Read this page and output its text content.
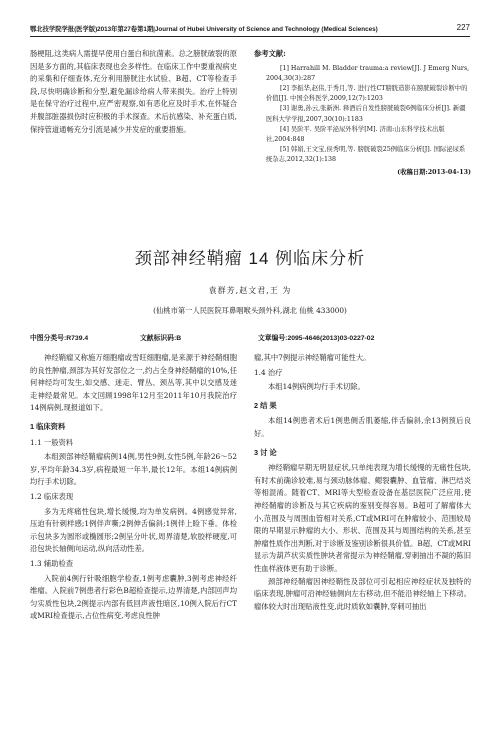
鄂北技学院学报(医学版)2013年第27卷第1期|Journal of Hubei University of Science and Technology (Medical Sciences)	227

肠梗阻,这类病人需提早使用白蛋白和抗菌素。总之膀胱破裂的原因是多方面的,其临床表现也会多样性。在临床工作中要重视病史的采集和仔细查体,充分利用膀胱注水试验、B超、CT等检查手段,尽快明确诊断和分型,避免漏诊给病人带来损失。治疗上特别是在保守治疗过程中,应严密观察,如有恶化应及时手术,在怀疑合并腹部脏器损伤时应积极的手术探查。术后抗感染、补充蛋白质,保持管道通畅充分引流是减少并发症的重要措施。

参考文献:

[1] Harrahill M. Bladder trauma:a review[J]. J Emerg Nurs, 2004,30(3):287

[2] 李振华,赵伟,于秀月,等. 进行性CT膀胱造影在膀胱破裂诊断中的价值[J]. 中国全科医学,2009,12(7):1203

[3] 谢勇,孙云,张新洲. 释酒后自发性膀胱破裂6例临床分析[J]. 新疆医科大学学报,2007,30(10):1183

[4] 吴阶平. 吴阶平泌尿外科学[M]. 济南:山东科学技术出版社,2004:848

[5] 韩娟,王文宝,侯秀明,等. 膀胱破裂25例临床分析[J]. 国际泌尿系统杂志,2012,32(1):138

(收稿日期:2013-04-13)
颈部神经鞘瘤 14 例临床分析
袁群芳,赵文君,王 为
(仙桃市第一人民医院耳鼻咽喉头颈外科,湖北 仙桃 433000)
中图分类号:R739.4	文献标识码:B	文章编号:2095-4646(2013)03-0227-02

神经鞘瘤又称施万细胞瘤或雪旺细胞瘤,是来源于神经鞘细胞的良性肿瘤,颈部为其好发部位之一,约占全身神经鞘瘤的10%,任何神经均可发生,如交感、迷走、臂丛、颈丛等,其中以交感及迷走神经最常见。本文回顾1998年12月至2011年10月我院治疗14例病例,现报道如下。

1 临床资料
1.1 一般资料

本组颈部神经鞘瘤病例14例,男性9例,女性5例,年龄26～52岁,平均年龄34.3岁,病程最短一年半,最长12年。本组14例病例均行手术切除。

1.2 临床表现

多为无疼痛性包块,增长缓慢,均为单发病例。4例感觉异常,压迫有针刺样感;1例伴声嘶;2例伸舌偏斜;1例伴上睑下垂。体检示包块多为圆形或椭圆形;2例呈分叶状,周界清楚,软胶样硬度,可沿包块长轴侧向运动,纵向活动性差。

1.3 辅助检查

入院前4例行针吸细胞学检查,1例考虑囊肿,3例考虑神经纤维瘤。入院前7例患者行彩色B超检查提示,边界清楚,内部回声均匀实质性包块,2例提示内部有低回声液性暗区,10例入院后行CT或MRI检查提示,占位性病变,考虑良性肿

瘤,其中7例提示神经鞘瘤可能性大。

1.4 治疗

本组14例病例均行手术切除。

2 结 果

本组14例患者术后1例患侧舌肌萎缩,伴舌偏斜,余13例预后良好。

3 讨 论

神经鞘瘤早期无明显症状,只单纯表现为增长缓慢的无痛性包块,有时术前确诊较难,易与颈动脉体瘤、鳃裂囊肿、血管瘤、淋巴结炎等相混淆。随着CT、MRI等大型检查设备在基层医院广泛应用,使神经鞘瘤的诊断及与其它疾病的鉴别变得容易。B超可了解瘤体大小,范围及与周围血管相对关系,CT或MRI可在肿瘤较小、范围较局限的早期显示肿瘤的大小、形状、范围及其与周围结构的关系,甚至肿瘤性质作出判断,对于诊断及鉴别诊断很具价值。B超、CT或MRI显示为葫芦状实质性肿块者常提示为神经鞘瘤,穿刺抽出不凝的陈旧性血样液体更有助于诊断。

颈部神经鞘瘤因神经鞘性及部位可引起相应神经症状及独特的临床表现,肿瘤可沿神经轴侧向左右移动,但不能沿神经轴上下移动。瘤体较大时出现贴液性变,此时质软如囊肿,穿刺可抽出
